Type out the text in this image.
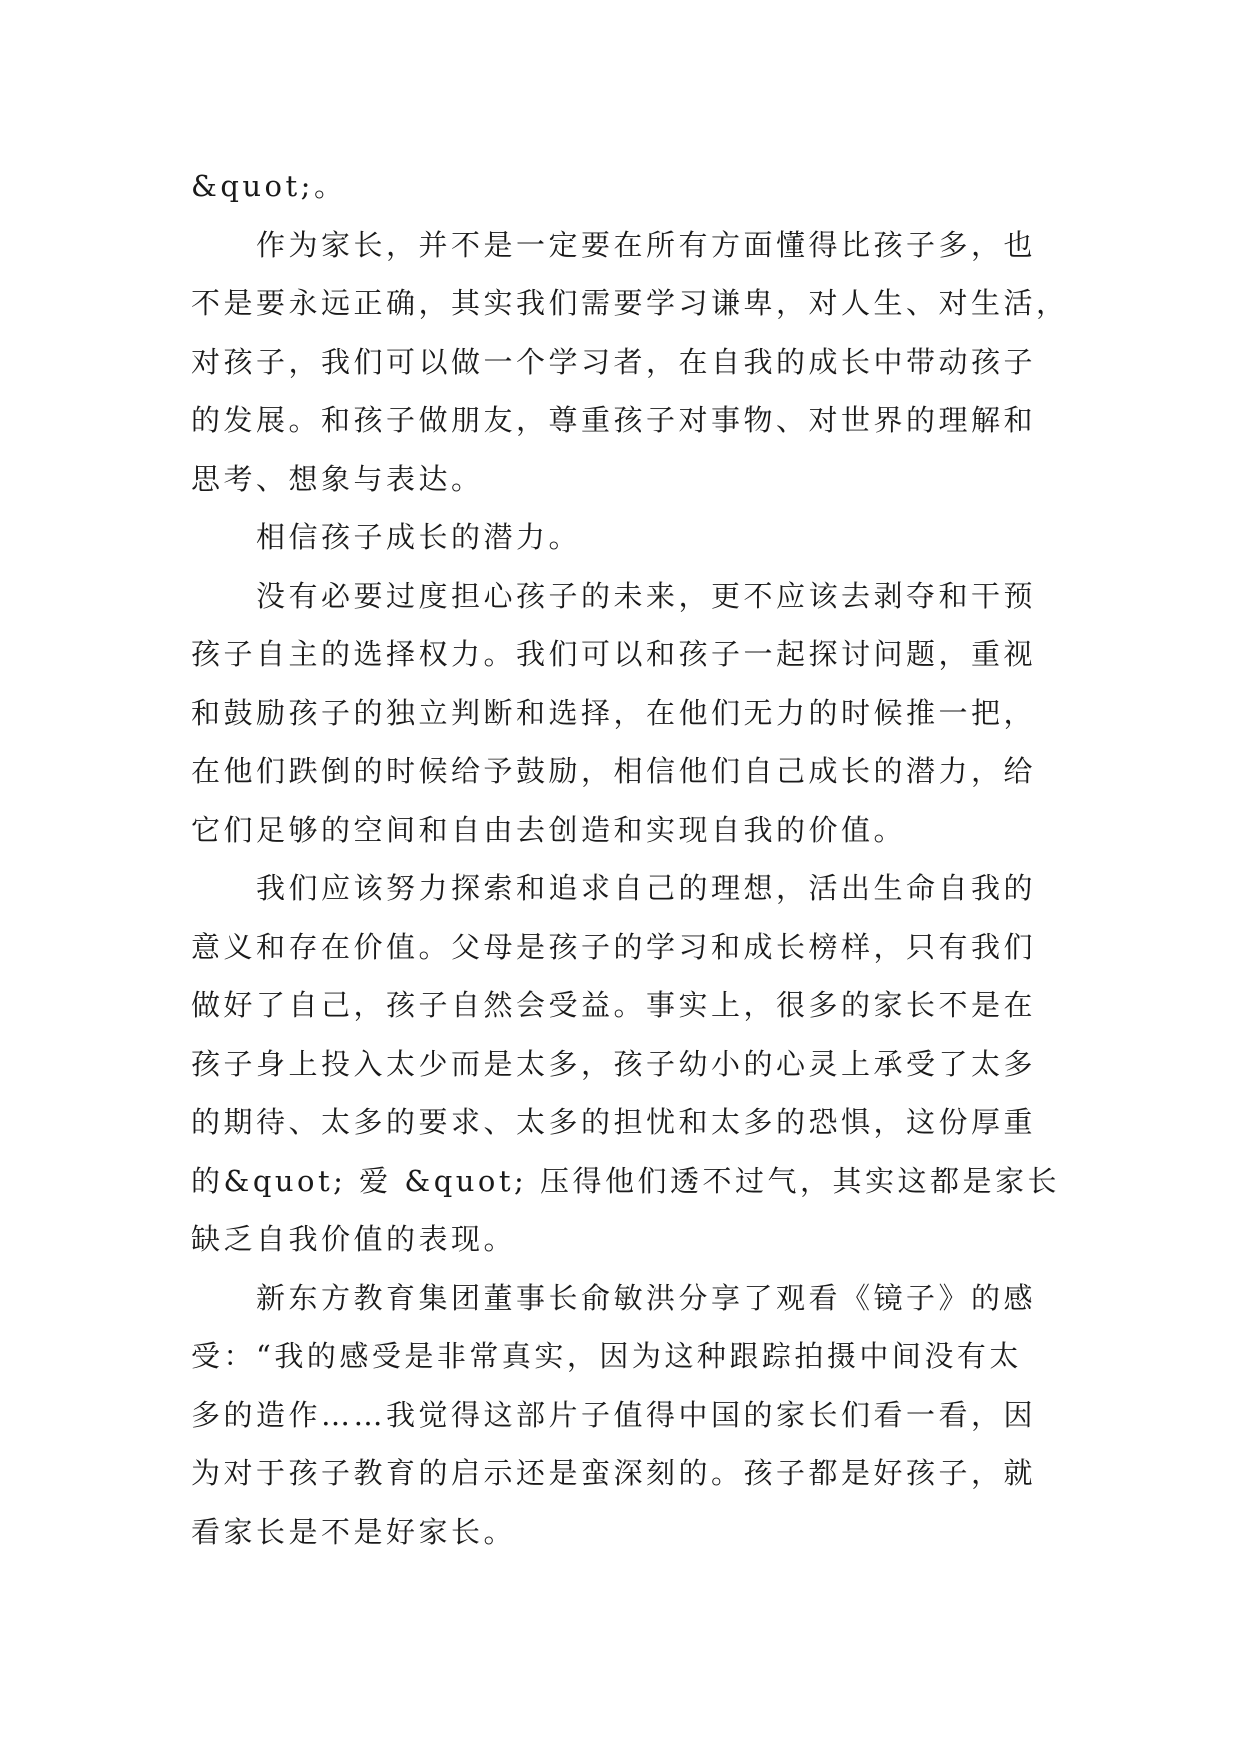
&quot;。
作为家长，并不是一定要在所有方面懂得比孩子多，也
不是要永远正确，其实我们需要学习谦卑，对人生、对生活，
对孩子，我们可以做一个学习者，在自我的成长中带动孩子
的发展。和孩子做朋友，尊重孩子对事物、对世界的理解和
思考、想象与表达。
相信孩子成长的潜力。
没有必要过度担心孩子的未来，更不应该去剥夺和干预
孩子自主的选择权力。我们可以和孩子一起探讨问题，重视
和鼓励孩子的独立判断和选择，在他们无力的时候推一把，
在他们跌倒的时候给予鼓励，相信他们自己成长的潜力，给
它们足够的空间和自由去创造和实现自我的价值。
我们应该努力探索和追求自己的理想，活出生命自我的
意义和存在价值。父母是孩子的学习和成长榜样，只有我们
做好了自己，孩子自然会受益。事实上，很多的家长不是在
孩子身上投入太少而是太多，孩子幼小的心灵上承受了太多
的期待、太多的要求、太多的担忧和太多的恐惧，这份厚重
的&quot; 爱 &quot; 压得他们透不过气，其实这都是家长
缺乏自我价值的表现。
新东方教育集团董事长俞敏洪分享了观看《镜子》的感
受：“我的感受是非常真实，因为这种跟踪拍摄中间没有太
多的造作……我觉得这部片子值得中国的家长们看一看，因
为对于孩子教育的启示还是蛮深刻的。孩子都是好孩子，就
看家长是不是好家长。
